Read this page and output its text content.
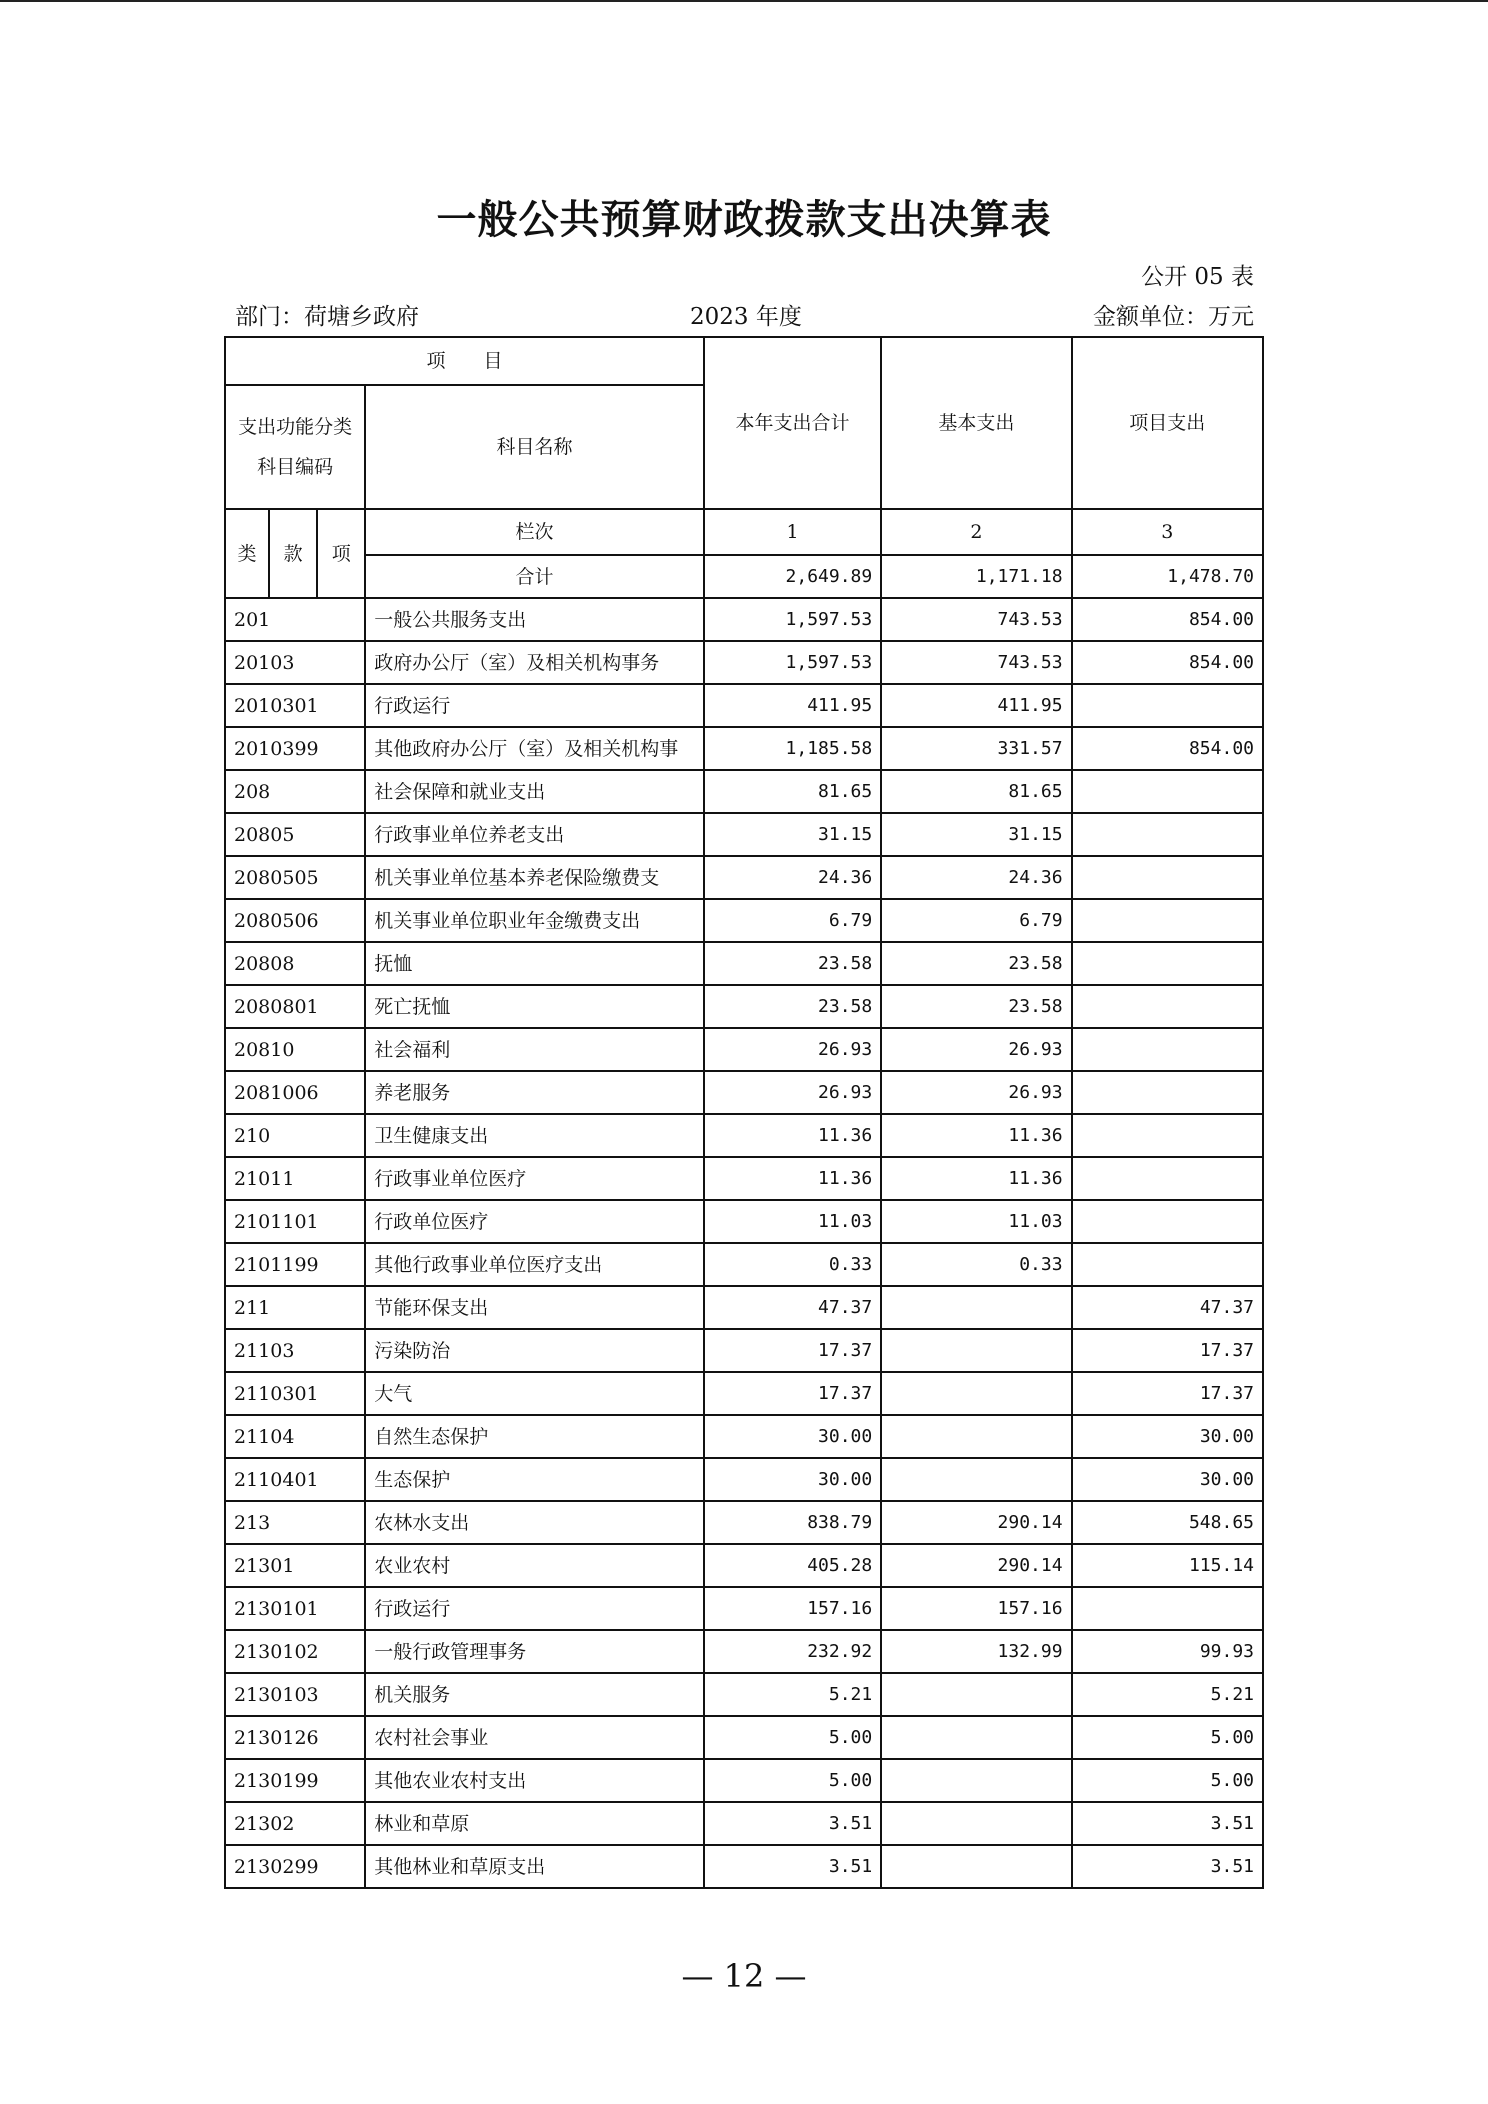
一般公共预算财政拨款支出决算表
公开 05 表
部门：荷塘乡政府	2023 年度	金额单位：万元
项　　目				本年支出合计	基本支出	项目支出
支出功能分类
科目编码			科目名称			
类	款	项	栏次	1	2	3
			合计	2,649.89	1,171.18	1,478.70
201			一般公共服务支出	1,597.53	743.53	854.00
20103			政府办公厅（室）及相关机构事务	1,597.53	743.53	854.00
2010301			行政运行	411.95	411.95	
2010399			其他政府办公厅（室）及相关机构事	1,185.58	331.57	854.00
208			社会保障和就业支出	81.65	81.65	
20805			行政事业单位养老支出	31.15	31.15	
2080505			机关事业单位基本养老保险缴费支	24.36	24.36	
2080506			机关事业单位职业年金缴费支出	6.79	6.79	
20808			抚恤	23.58	23.58	
2080801			死亡抚恤	23.58	23.58	
20810			社会福利	26.93	26.93	
2081006			养老服务	26.93	26.93	
210			卫生健康支出	11.36	11.36	
21011			行政事业单位医疗	11.36	11.36	
2101101			行政单位医疗	11.03	11.03	
2101199			其他行政事业单位医疗支出	0.33	0.33	
211			节能环保支出	47.37		47.37
21103			污染防治	17.37		17.37
2110301			大气	17.37		17.37
21104			自然生态保护	30.00		30.00
2110401			生态保护	30.00		30.00
213			农林水支出	838.79	290.14	548.65
21301			农业农村	405.28	290.14	115.14
2130101			行政运行	157.16	157.16	
2130102			一般行政管理事务	232.92	132.99	99.93
2130103			机关服务	5.21		5.21
2130126			农村社会事业	5.00		5.00
2130199			其他农业农村支出	5.00		5.00
21302			林业和草原	3.51		3.51
2130299			其他林业和草原支出	3.51		3.51
— 12 —
